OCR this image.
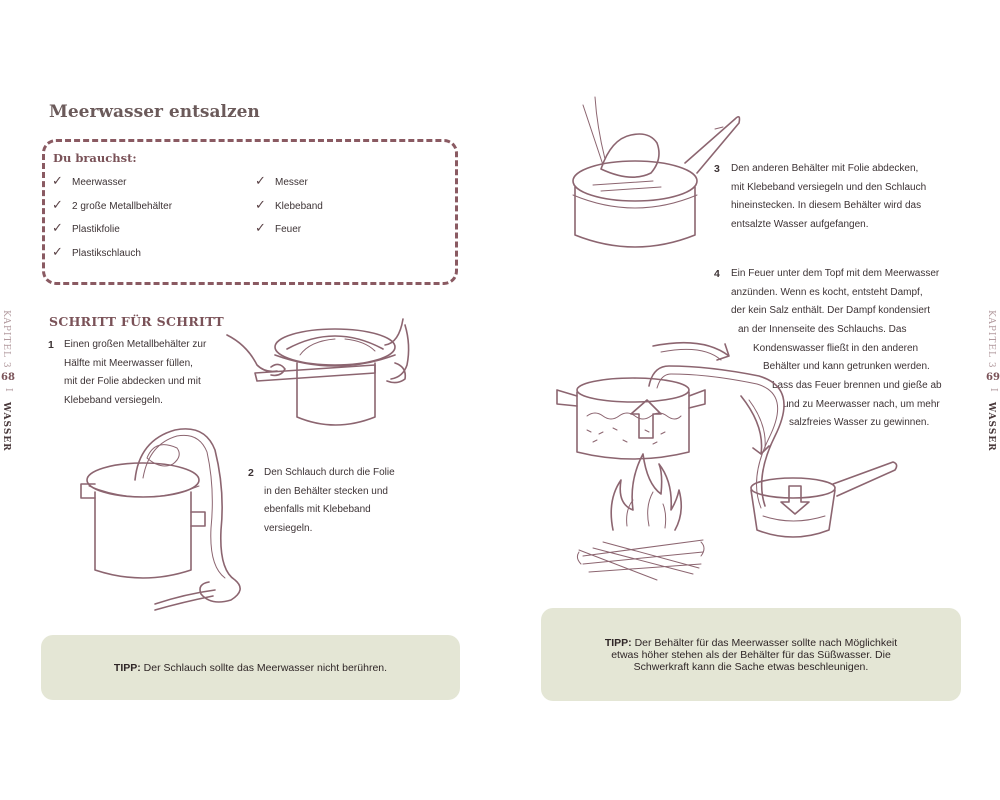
Meerwasser entsalzen
Du brauchst:
✓ Meerwasser
✓ 2 große Metallbehälter
✓ Plastikfolie
✓ Plastikschlauch
✓ Messer
✓ Klebeband
✓ Feuer
SCHRITT FÜR SCHRITT
1 Einen großen Metallbehälter zur
Hälfte mit Meerwasser füllen,
mit der Folie abdecken und mit
Klebeband versiegeln.
2 Den Schlauch durch die Folie
in den Behälter stecken und
ebenfalls mit Klebeband
versiegeln.
TIPP: Der Schlauch sollte das Meerwasser nicht berühren.
KAPITEL 3
68
I
WASSER
3 Den anderen Behälter mit Folie abdecken,
mit Klebeband versiegeln und den Schlauch
hineinstecken. In diesem Behälter wird das
entsalzte Wasser aufgefangen.
4 Ein Feuer unter dem Topf mit dem Meerwasser
anzünden. Wenn es kocht, entsteht Dampf,
der kein Salz enthält. Der Dampf kondensiert
an der Innenseite des Schlauchs. Das
Kondenswasser fließt in den anderen
Behälter und kann getrunken werden.
Lass das Feuer brennen und gieße ab
und zu Meerwasser nach, um mehr
salzfreies Wasser zu gewinnen.
TIPP: Der Behälter für das Meerwasser sollte nach Möglichkeit
etwas höher stehen als der Behälter für das Süßwasser. Die
Schwerkraft kann die Sache etwas beschleunigen.
KAPITEL 3
69
I
WASSER
